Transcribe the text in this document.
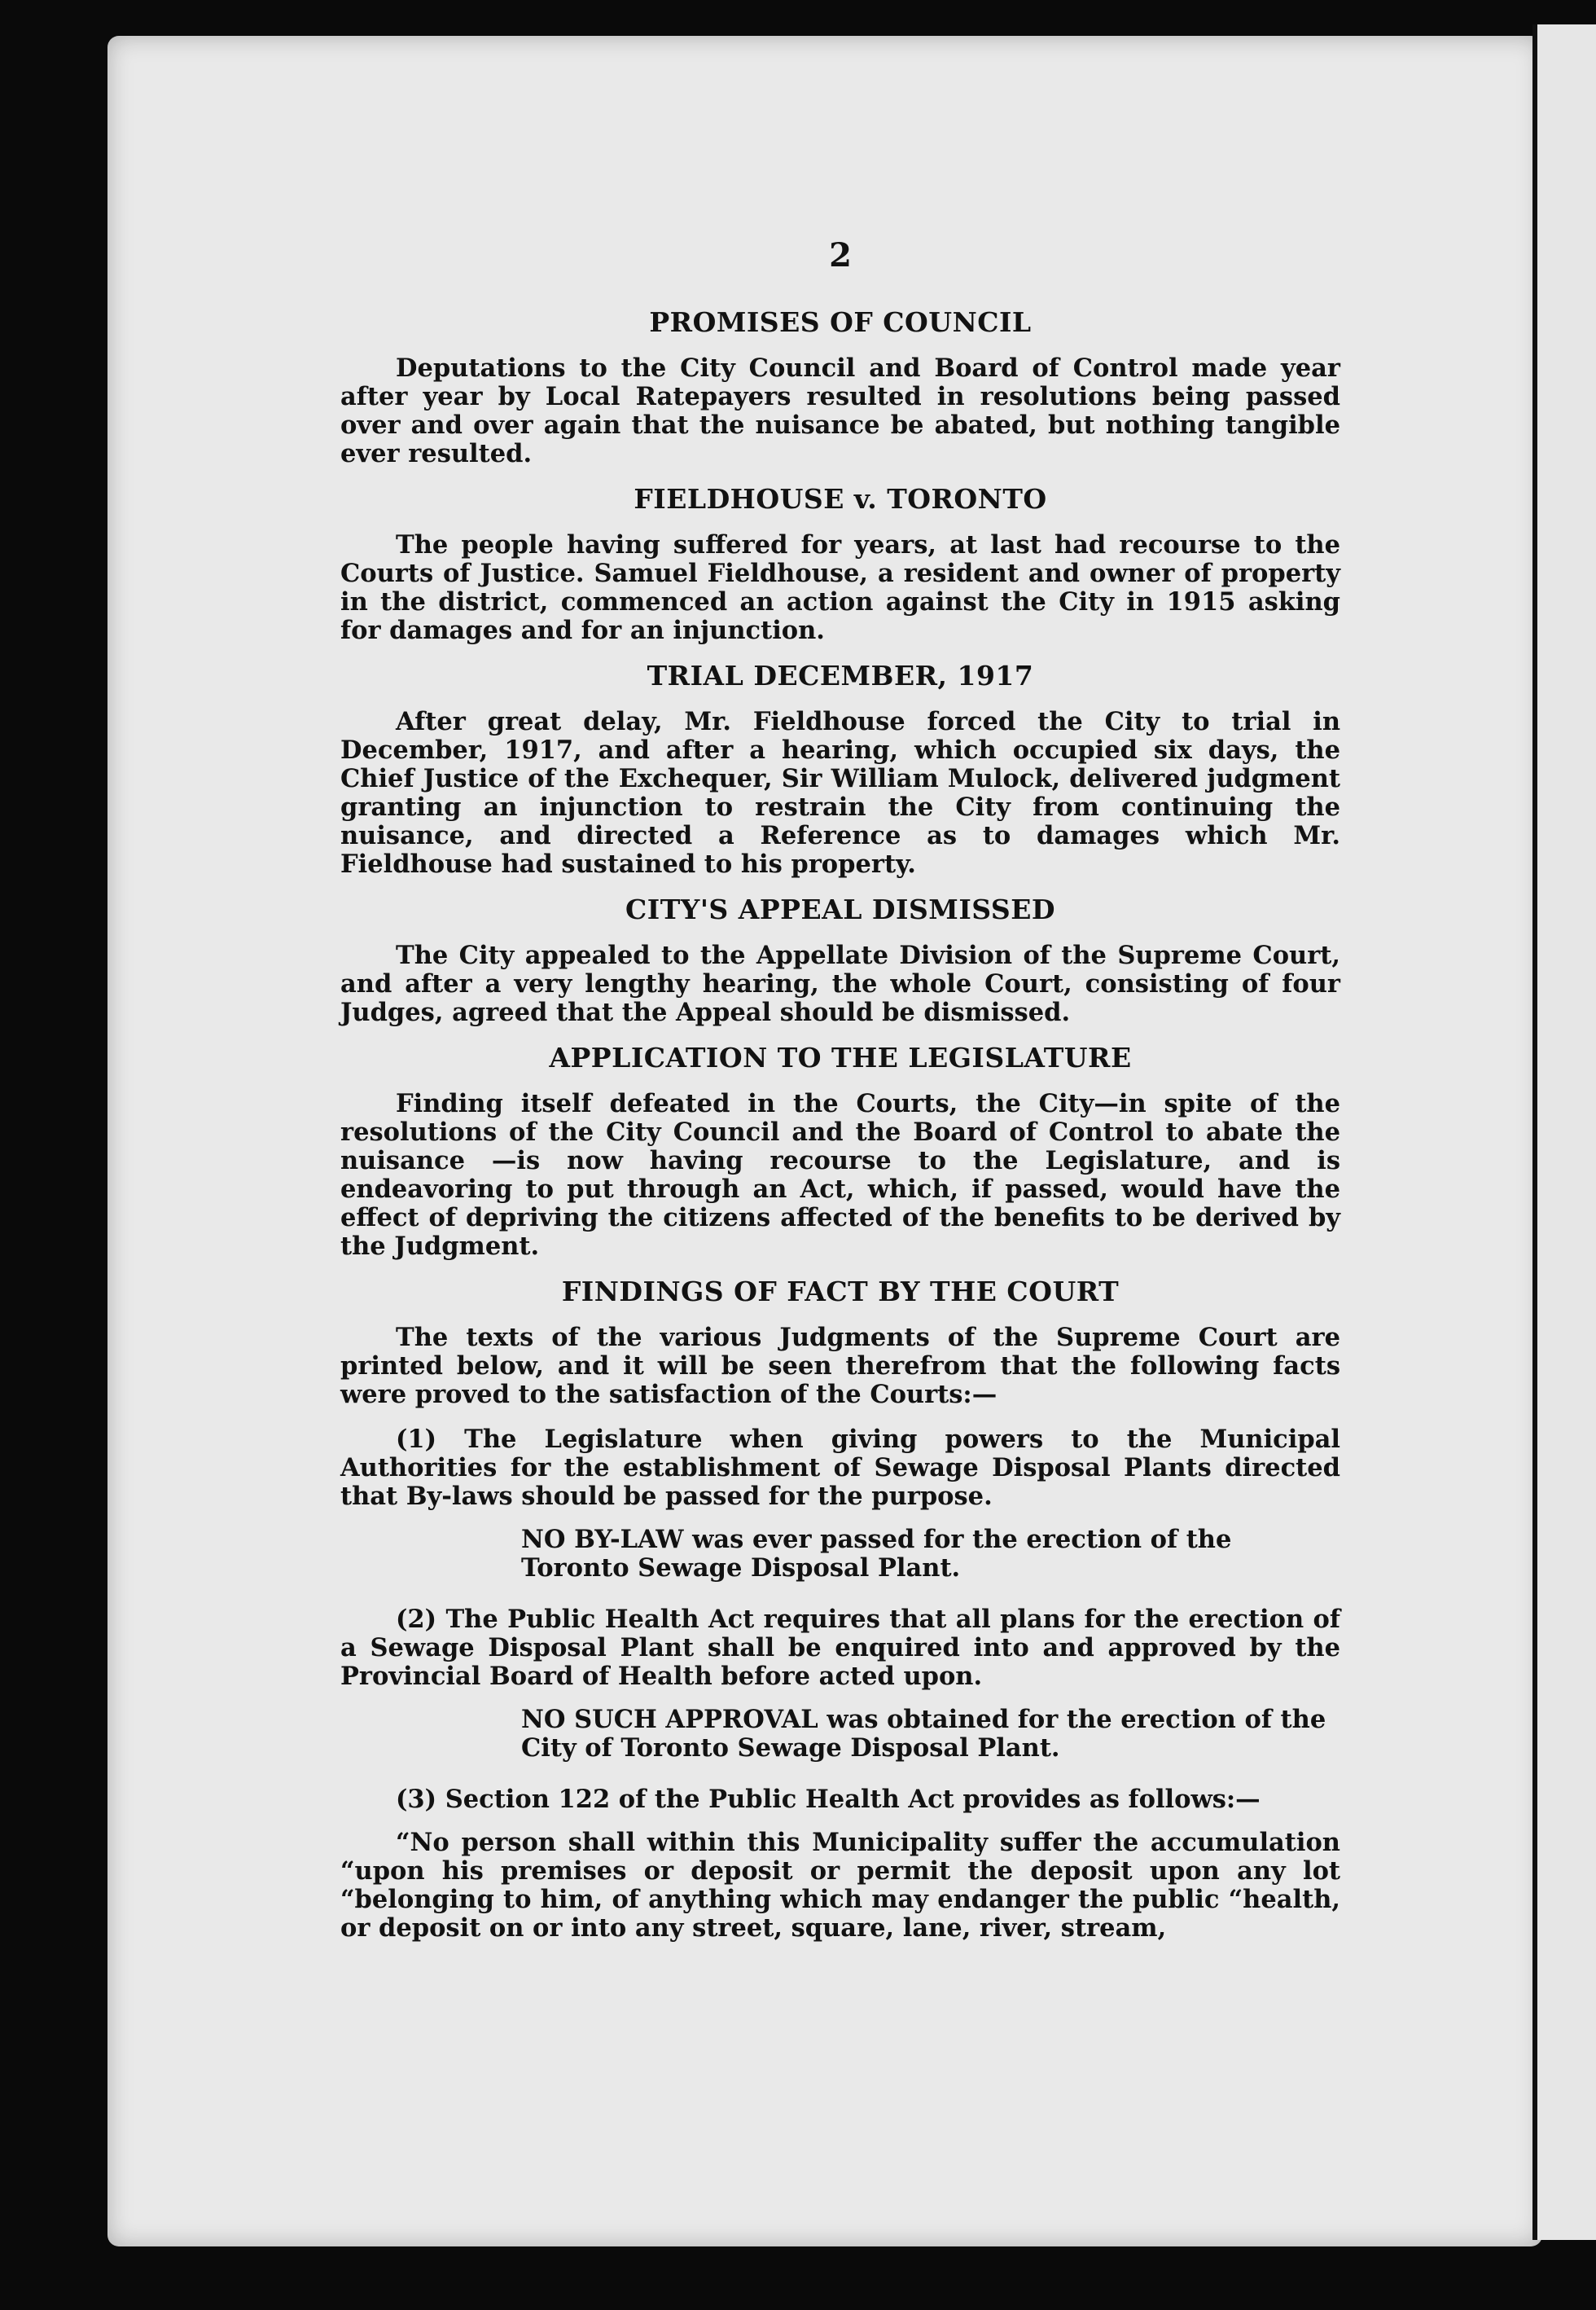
2
PROMISES OF COUNCIL

Deputations to the City Council and Board of Control made year after year by Local Ratepayers resulted in resolutions being passed over and over again that the nuisance be abated, but nothing tangible ever resulted.

FIELDHOUSE v. TORONTO

The people having suffered for years, at last had recourse to the Courts of Justice. Samuel Fieldhouse, a resident and owner of property in the district, commenced an action against the City in 1915 asking for damages and for an injunction.

TRIAL DECEMBER, 1917

After great delay, Mr. Fieldhouse forced the City to trial in December, 1917, and after a hearing, which occupied six days, the Chief Justice of the Exchequer, Sir William Mulock, delivered judgment granting an injunction to restrain the City from continuing the nuisance, and directed a Reference as to damages which Mr. Fieldhouse had sustained to his property.

CITY'S APPEAL DISMISSED

The City appealed to the Appellate Division of the Supreme Court, and after a very lengthy hearing, the whole Court, consisting of four Judges, agreed that the Appeal should be dismissed.

APPLICATION TO THE LEGISLATURE

Finding itself defeated in the Courts, the City—in spite of the resolutions of the City Council and the Board of Control to abate the nuisance —is now having recourse to the Legislature, and is endeavoring to put through an Act, which, if passed, would have the effect of depriving the citizens affected of the benefits to be derived by the Judgment.

FINDINGS OF FACT BY THE COURT

The texts of the various Judgments of the Supreme Court are printed below, and it will be seen therefrom that the following facts were proved to the satisfaction of the Courts:—

(1) The Legislature when giving powers to the Municipal Authorities for the establishment of Sewage Disposal Plants directed that By-laws should be passed for the purpose.
NO BY-LAW was ever passed for the erection of the Toronto Sewage Disposal Plant.
(2) The Public Health Act requires that all plans for the erection of a Sewage Disposal Plant shall be enquired into and approved by the Provincial Board of Health before acted upon.
NO SUCH APPROVAL was obtained for the erection of the City of Toronto Sewage Disposal Plant.
(3) Section 122 of the Public Health Act provides as follows:—

“No person shall within this Municipality suffer the accumulation “upon his premises or deposit or permit the deposit upon any lot “belonging to him, of anything which may endanger the public “health, or deposit on or into any street, square, lane, river, stream,
